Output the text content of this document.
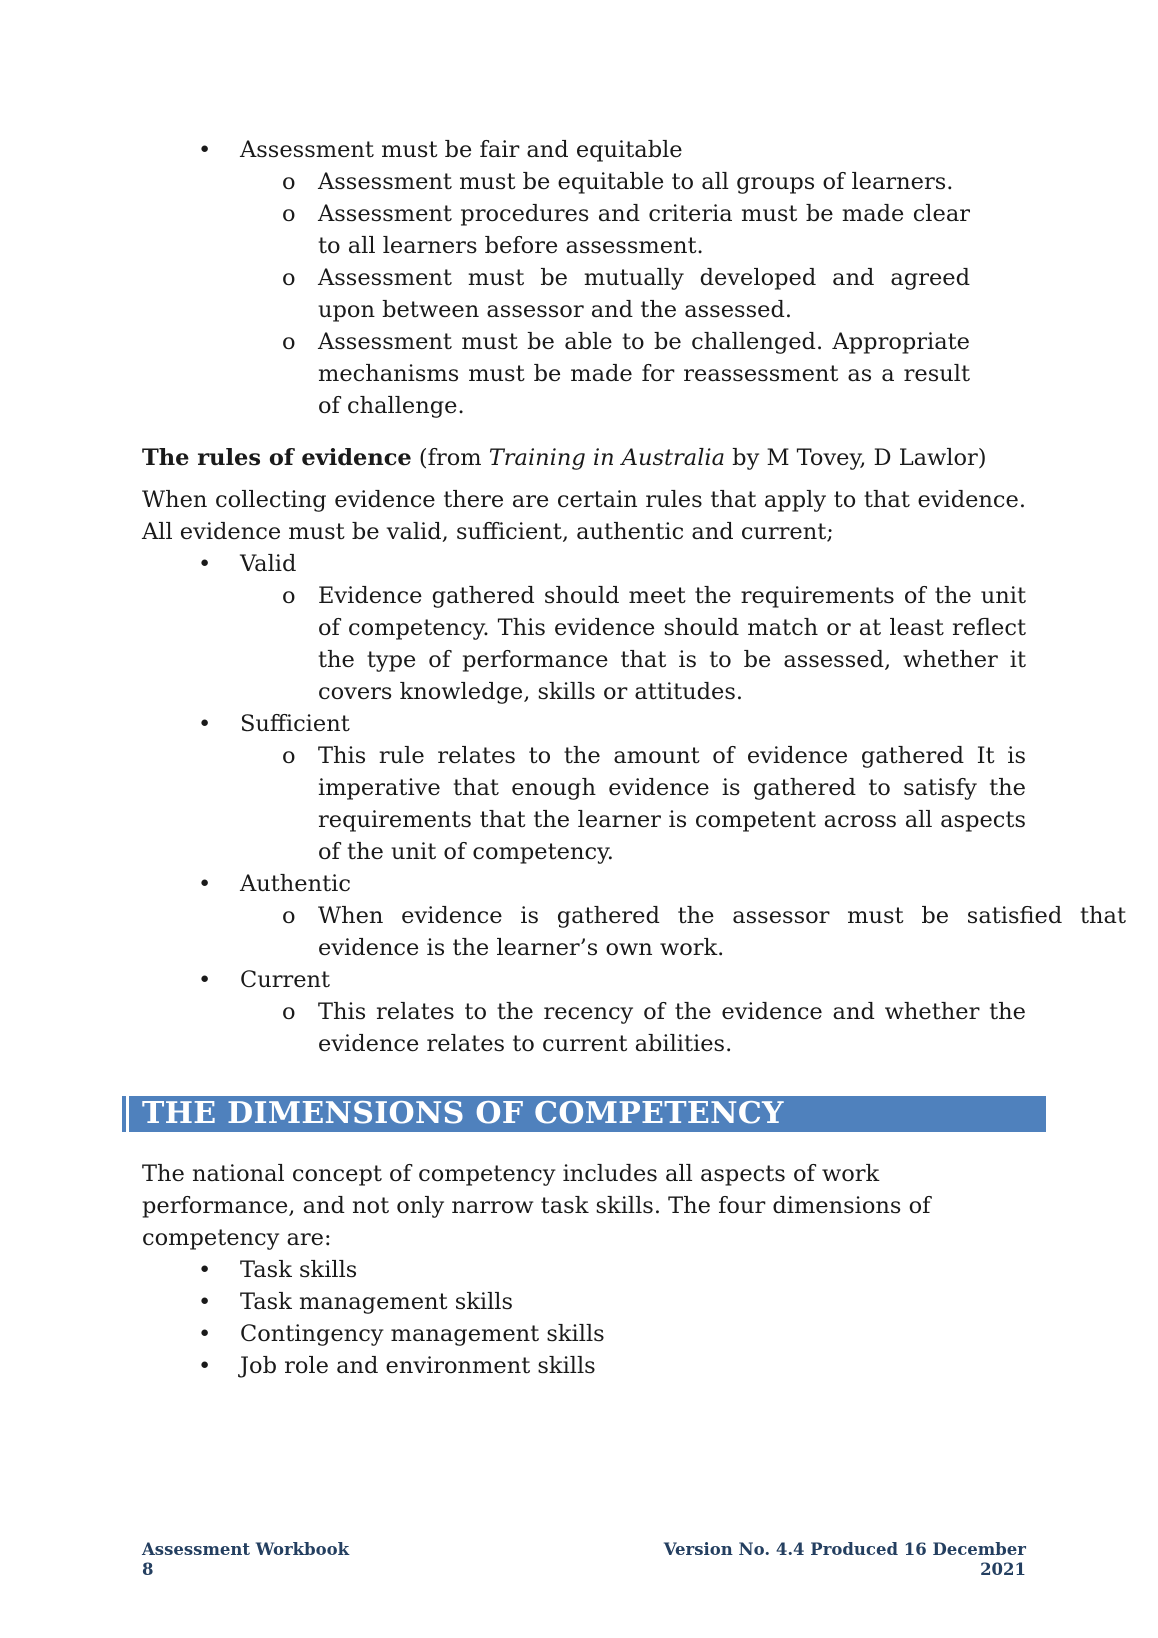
• Assessment must be fair and equitable
o Assessment must be equitable to all groups of learners.
o Assessment procedures and criteria must be made clear to all learners before assessment.
o Assessment must be mutually developed and agreed upon between assessor and the assessed.
o Assessment must be able to be challenged. Appropriate mechanisms must be made for reassessment as a result of challenge.

The rules of evidence (from Training in Australia by M Tovey, D Lawlor)

When collecting evidence there are certain rules that apply to that evidence. All evidence must be valid, sufficient, authentic and current;

• Valid
o Evidence gathered should meet the requirements of the unit of competency. This evidence should match or at least reflect the type of performance that is to be assessed, whether it covers knowledge, skills or attitudes.
• Sufficient
o This rule relates to the amount of evidence gathered It is imperative that enough evidence is gathered to satisfy the requirements that the learner is competent across all aspects of the unit of competency.
• Authentic
o When evidence is gathered the assessor must be satisfied that evidence is the learner’s own work.
• Current
o This relates to the recency of the evidence and whether the evidence relates to current abilities.
THE DIMENSIONS OF COMPETENCY

The national concept of competency includes all aspects of work performance, and not only narrow task skills. The four dimensions of competency are:

• Task skills
• Task management skills
• Contingency management skills
• Job role and environment skills
Assessment Workbook
8
Version No. 4.4 Produced 16 December
2021
